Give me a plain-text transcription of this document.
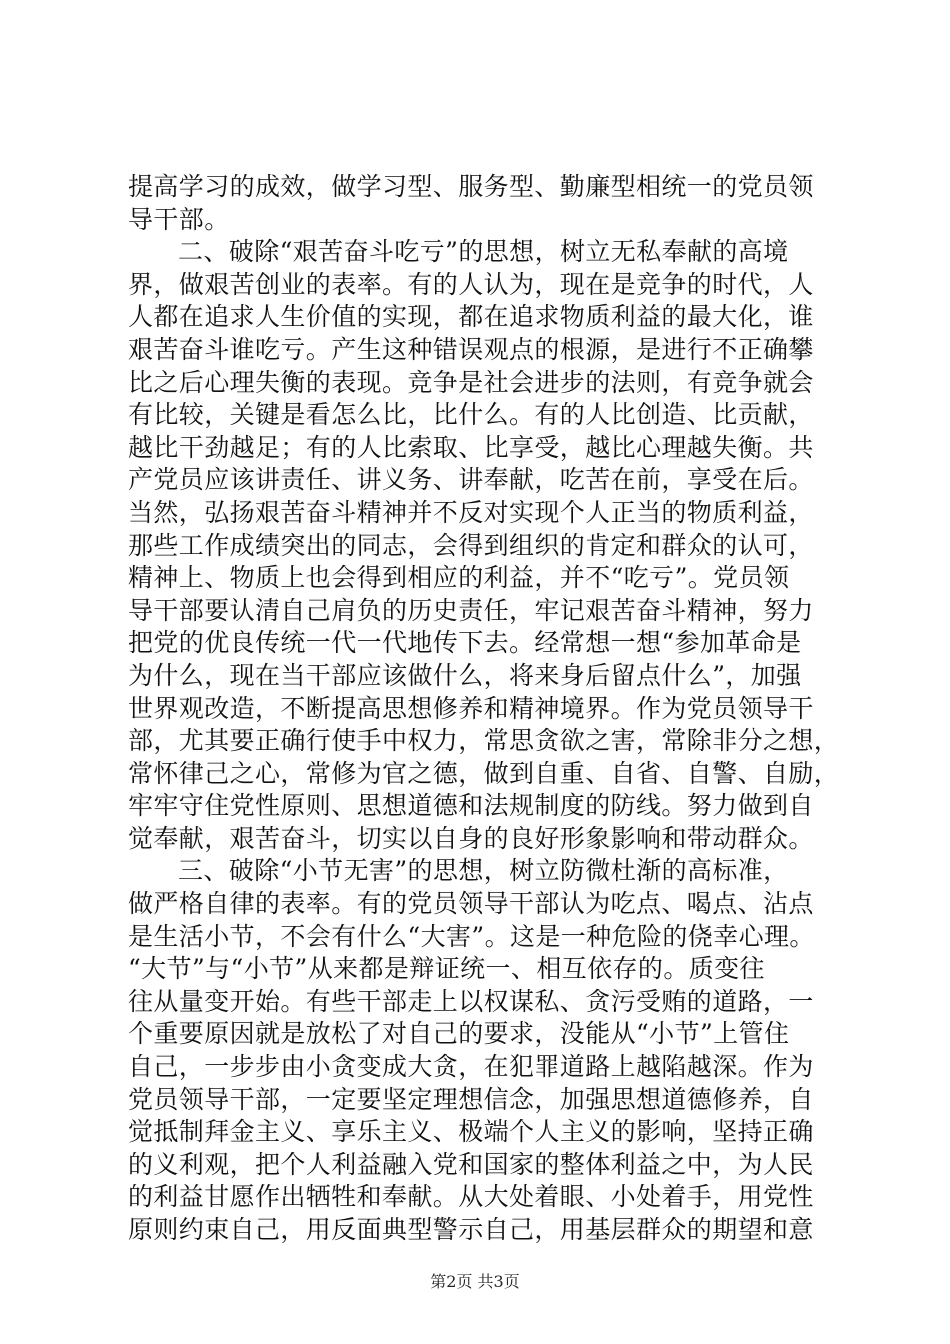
提高学习的成效，做学习型、服务型、勤廉型相统一的党员领
导干部。
二、破除“艰苦奋斗吃亏”的思想，树立无私奉献的高境
界，做艰苦创业的表率。有的人认为，现在是竞争的时代，人
人都在追求人生价值的实现，都在追求物质利益的最大化，谁
艰苦奋斗谁吃亏。产生这种错误观点的根源，是进行不正确攀
比之后心理失衡的表现。竞争是社会进步的法则，有竞争就会
有比较，关键是看怎么比，比什么。有的人比创造、比贡献，
越比干劲越足；有的人比索取、比享受，越比心理越失衡。共
产党员应该讲责任、讲义务、讲奉献，吃苦在前，享受在后。
当然，弘扬艰苦奋斗精神并不反对实现个人正当的物质利益，
那些工作成绩突出的同志，会得到组织的肯定和群众的认可，
精神上、物质上也会得到相应的利益，并不“吃亏”。党员领
导干部要认清自己肩负的历史责任，牢记艰苦奋斗精神，努力
把党的优良传统一代一代地传下去。经常想一想“参加革命是
为什么，现在当干部应该做什么，将来身后留点什么”，加强
世界观改造，不断提高思想修养和精神境界。作为党员领导干
部，尤其要正确行使手中权力，常思贪欲之害，常除非分之想，
常怀律己之心，常修为官之德，做到自重、自省、自警、自励，
牢牢守住党性原则、思想道德和法规制度的防线。努力做到自
觉奉献，艰苦奋斗，切实以自身的良好形象影响和带动群众。
三、破除“小节无害”的思想，树立防微杜渐的高标准，
做严格自律的表率。有的党员领导干部认为吃点、喝点、沾点
是生活小节，不会有什么“大害”。这是一种危险的侥幸心理。
“大节”与“小节”从来都是辩证统一、相互依存的。质变往
往从量变开始。有些干部走上以权谋私、贪污受贿的道路，一
个重要原因就是放松了对自己的要求，没能从“小节”上管住
自己，一步步由小贪变成大贪，在犯罪道路上越陷越深。作为
党员领导干部，一定要坚定理想信念，加强思想道德修养，自
觉抵制拜金主义、享乐主义、极端个人主义的影响，坚持正确
的义利观，把个人利益融入党和国家的整体利益之中，为人民
的利益甘愿作出牺牲和奉献。从大处着眼、小处着手，用党性
原则约束自己，用反面典型警示自己，用基层群众的期望和意
第2页 共3页
